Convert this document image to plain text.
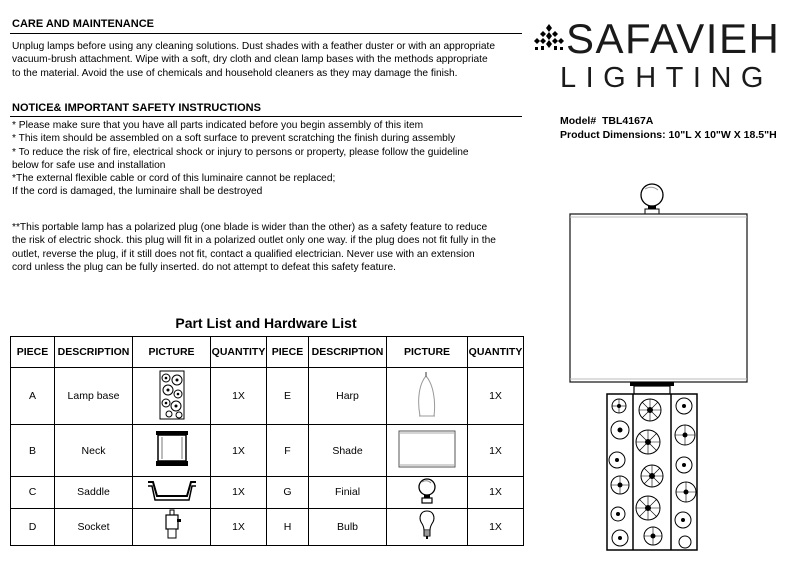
CARE AND MAINTENANCE
Unplug lamps before using any cleaning solutions. Dust shades with a feather duster or with an appropriate
vacuum-brush attachment. Wipe with a soft, dry cloth and clean lamp bases with the methods appropriate
to the material. Avoid the use of chemicals and household cleaners as they may damage the finish.
NOTICE& IMPORTANT SAFETY INSTRUCTIONS
* Please make sure that you have all parts indicated before you begin assembly of this item
* This item should be assembled on a soft surface to prevent scratching the finish during assembly
* To reduce the risk of fire, electrical shock or injury to persons or property, please follow the guideline
below for safe use and installation
*The external flexible cable or cord of this luminaire cannot be replaced;
If the cord is damaged, the luminaire shall be destroyed
**This portable lamp has a polarized plug (one blade is wider than the other) as a safety feature to reduce
the risk of electric shock. this plug will fit in a polarized outlet only one way. if the plug does not fit fully in the
outlet, reverse the plug, if it still does not fit, contact a qualified electrician. Never use with an extension
cord unless the plug can be fully inserted. do not attempt to defeat this safety feature.
Part List and Hardware List
PIECE	DESCRIPTION	PICTURE	QUANTITY	PIECE	DESCRIPTION	PICTURE	QUANTITY
A	Lamp base		1X	E	Harp		1X
B	Neck		1X	F	Shade		1X
C	Saddle		1X	G	Finial		1X
D	Socket		1X	H	Bulb		1X
SAFAVIEH
LIGHTING
Model# TBL4167A
Product Dimensions: 10"L X 10"W X 18.5"H
